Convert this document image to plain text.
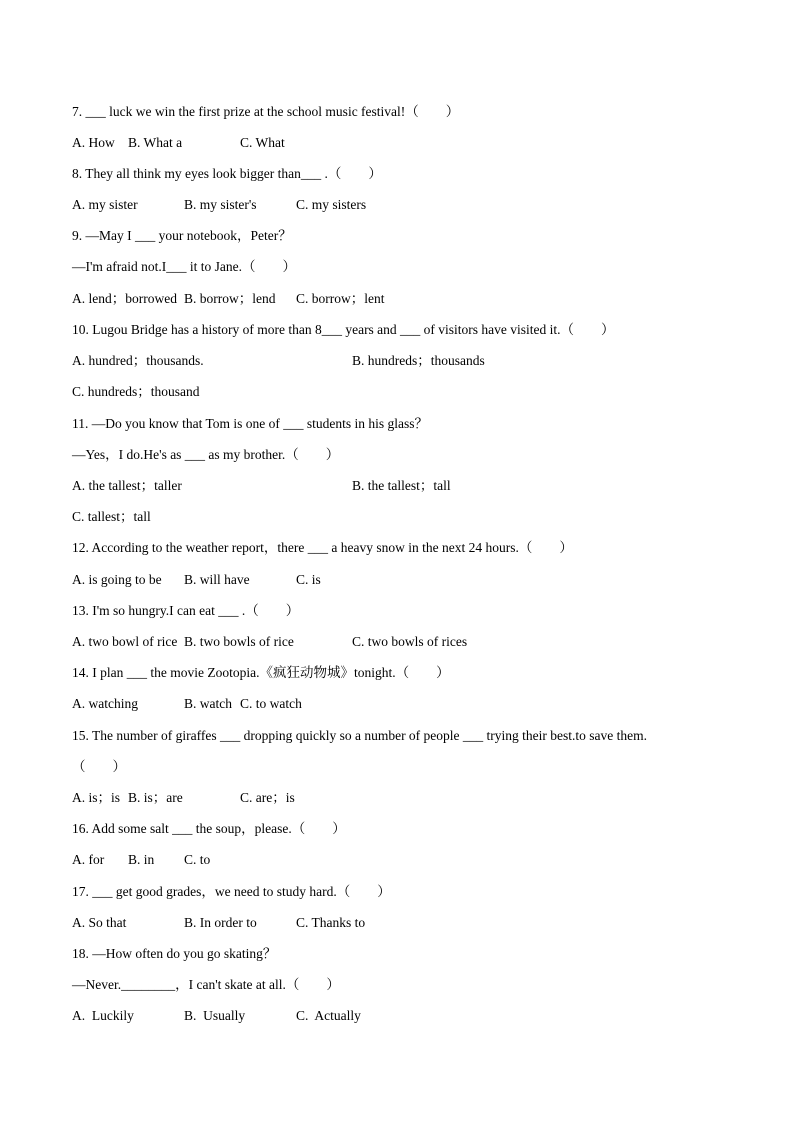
7. ___ luck we win the first prize at the school music festival!（　　）
A. How B. What a	C. What
8. They all think my eyes look bigger than___ .（　　）
A. my sister	B. my sister's	C. my sisters
9. —May I ___ your notebook，Peter？
—I'm afraid not.I___ it to Jane.（　　）
A. lend；borrowed B. borrow；lend C. borrow；lent
10. Lugou Bridge has a history of more than 8___ years and ___ of visitors have visited it.（　　）
A. hundred；thousands.	B. hundreds；thousands
C. hundreds；thousand
11. —Do you know that Tom is one of ___ students in his glass？
—Yes，I do.He's as ___ as my brother.（　　）
A. the tallest；taller	B. the tallest；tall
C. tallest；tall
12. According to the weather report，there ___ a heavy snow in the next 24 hours.（　　）
A. is going to be B. will have	C. is
13. I'm so hungry.I can eat ___ .（　　）
A. two bowl of rice B. two bowls of rice	C. two bowls of rices
14. I plan ___ the movie Zootopia.《疯狂动物城》tonight.（　　）
A. watching	B. watch C. to watch
15. The number of giraffes ___ dropping quickly so a number of people ___ trying their best.to save them.
（　　）
A. is；is B. is；are	C. are；is
16. Add some salt ___ the soup，please.（　　）
A. for B. in C. to
17. ___ get good grades，we need to study hard.（　　）
A. So that	B. In order to	C. Thanks to
18. —How often do you go skating？
—Never.________，I can't skate at all.（　　）
A.  Luckily	B.  Usually	C.  Actually
